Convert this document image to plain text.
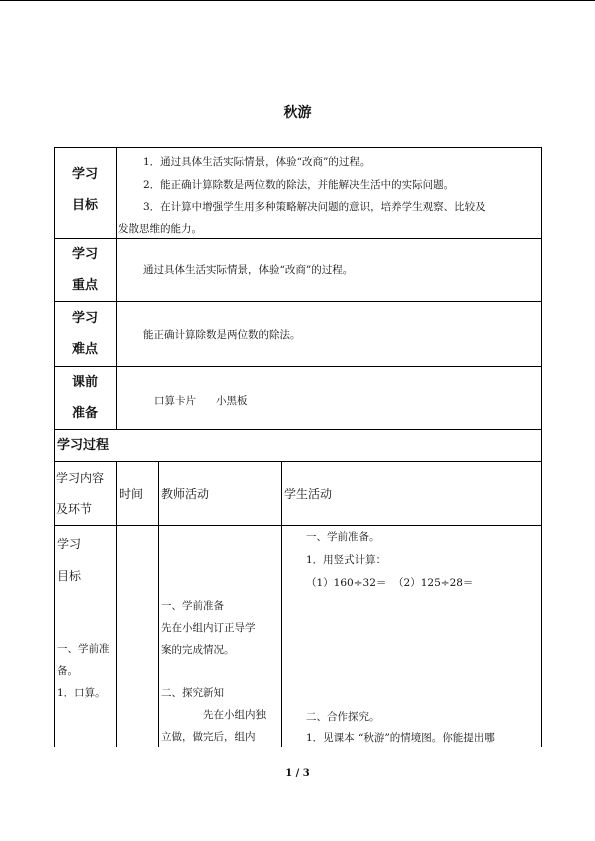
秋游
学习
目标
1．通过具体生活实际情景，体验“改商”的过程。
2．能正确计算除数是两位数的除法，并能解决生活中的实际问题。
3．在计算中增强学生用多种策略解决问题的意识，培养学生观察、比较及
发散思维的能力。
学习
重点
通过具体生活实际情景，体验“改商”的过程。
学习
难点
能正确计算除数是两位数的除法。
课前
准备
口算卡片      小黑板
学习过程
学习内容
及环节
时间 教师活动	学生活动
学习
目标
一、学前准
备。
1．口算。
一、学前准备
先在小组内订正导学
案的完成情况。
二、探究新知
先在小组内独
立做，做完后，组内
一、学前准备。
1．用竖式计算：
（1）160÷32＝  （2）125÷28＝
二、合作探究。
1．见课本 “秋游”的情境图。你能提出哪
1 / 3
